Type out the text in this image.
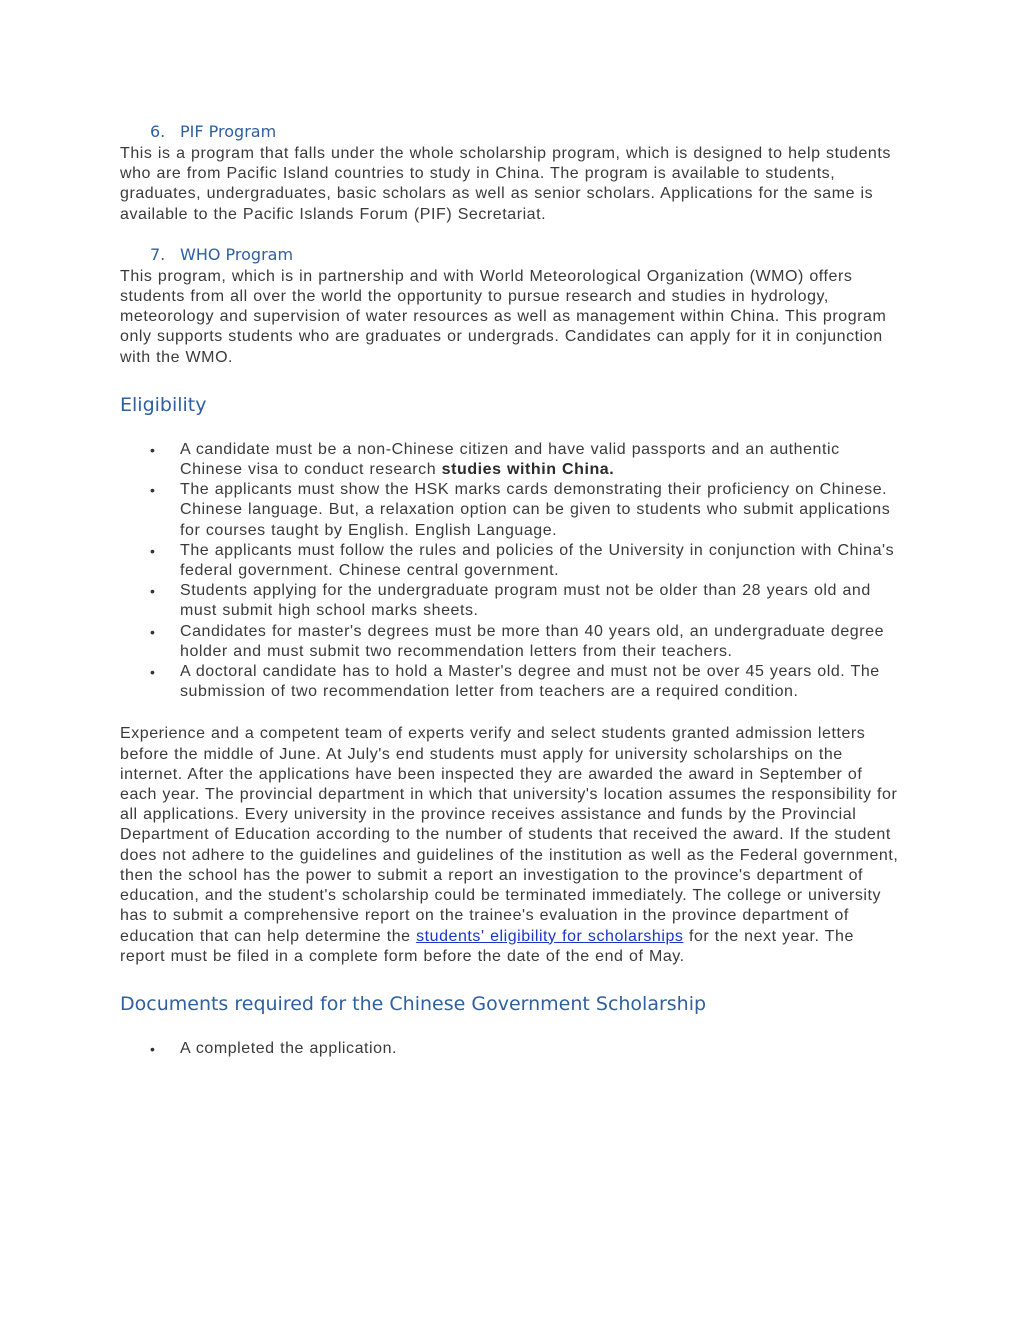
6. PIF Program

This is a program that falls under the whole scholarship program, which is designed to help students who are from Pacific Island countries to study in China. The program is available to students, graduates, undergraduates, basic scholars as well as senior scholars. Applications for the same is available to the Pacific Islands Forum (PIF) Secretariat.

7. WHO Program

This program, which is in partnership and with World Meteorological Organization (WMO) offers students from all over the world the opportunity to pursue research and studies in hydrology, meteorology and supervision of water resources as well as management within China. This program only supports students who are graduates or undergrads. Candidates can apply for it in conjunction with the WMO.

Eligibility
• A candidate must be a non-Chinese citizen and have valid passports and an authentic Chinese visa to conduct research studies within China.
• The applicants must show the HSK marks cards demonstrating their proficiency on Chinese. Chinese language. But, a relaxation option can be given to students who submit applications for courses taught by English. English Language.
• The applicants must follow the rules and policies of the University in conjunction with China's federal government. Chinese central government.
• Students applying for the undergraduate program must not be older than 28 years old and must submit high school marks sheets.
• Candidates for master's degrees must be more than 40 years old, an undergraduate degree holder and must submit two recommendation letters from their teachers.
• A doctoral candidate has to hold a Master's degree and must not be over 45 years old. The submission of two recommendation letter from teachers are a required condition.

Experience and a competent team of experts verify and select students granted admission letters before the middle of June. At July's end students must apply for university scholarships on the internet. After the applications have been inspected they are awarded the award in September of each year. The provincial department in which that university's location assumes the responsibility for all applications. Every university in the province receives assistance and funds by the Provincial Department of Education according to the number of students that received the award. If the student does not adhere to the guidelines and guidelines of the institution as well as the Federal government, then the school has the power to submit a report an investigation to the province's department of education, and the student's scholarship could be terminated immediately. The college or university has to submit a comprehensive report on the trainee's evaluation in the province department of education that can help determine the students' eligibility for scholarships for the next year. The report must be filed in a complete form before the date of the end of May.

Documents required for the Chinese Government Scholarship
• A completed the application.
